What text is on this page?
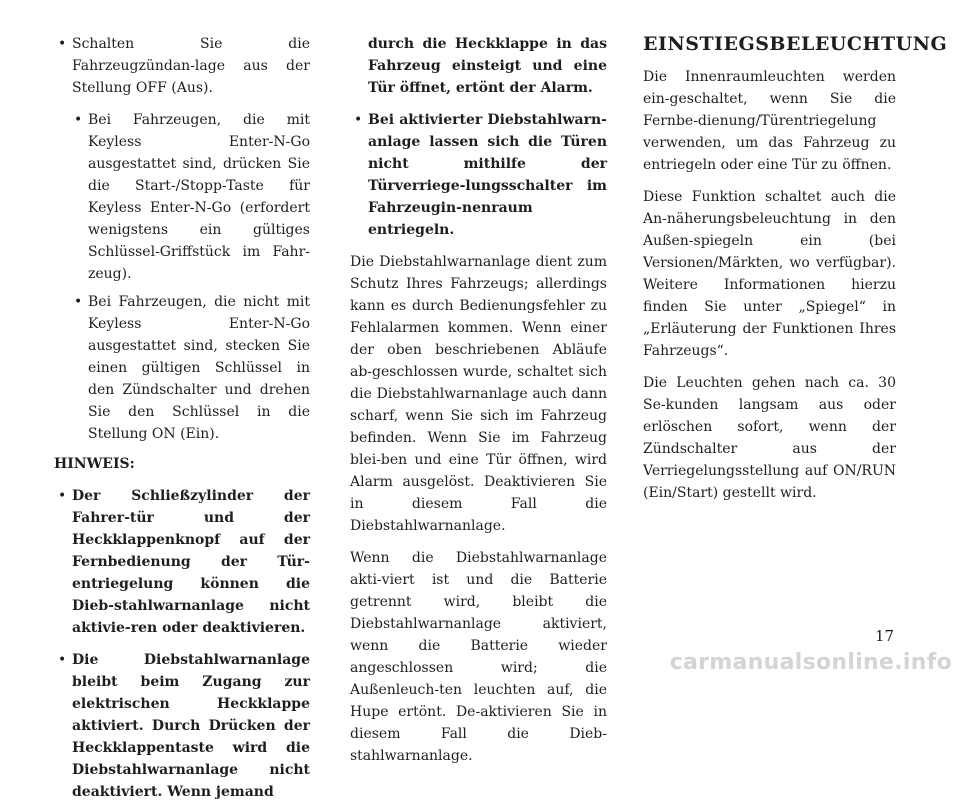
• Schalten Sie die Fahrzeugzündan-lage aus der Stellung OFF (Aus).

• Bei Fahrzeugen, die mit Keyless Enter-N-Go ausgestattet sind, drücken Sie die Start-/Stopp-Taste für Keyless Enter-N-Go (erfordert wenigstens ein gültiges Schlüssel-Griffstück im Fahr-zeug).

• Bei Fahrzeugen, die nicht mit Keyless Enter-N-Go ausgestattet sind, stecken Sie einen gültigen Schlüssel in den Zündschalter und drehen Sie den Schlüssel in die Stellung ON (Ein).

HINWEIS:

• Der Schließzylinder der Fahrer-tür und der Heckklappenknopf auf der Fernbedienung der Tür-entriegelung können die Dieb-stahlwarnanlage nicht aktivie-ren oder deaktivieren.

• Die Diebstahlwarnanlage bleibt beim Zugang zur elektrischen Heckklappe aktiviert. Durch Drücken der Heckklappentaste wird die Diebstahlwarnanlage nicht deaktiviert. Wenn jemand

durch die Heckklappe in das Fahrzeug einsteigt und eine Tür öffnet, ertönt der Alarm.

• Bei aktivierter Diebstahlwarn-anlage lassen sich die Türen nicht mithilfe der Türverriege-lungsschalter im Fahrzeugin-nenraum entriegeln.

Die Diebstahlwarnanlage dient zum Schutz Ihres Fahrzeugs; allerdings kann es durch Bedienungsfehler zu Fehlalarmen kommen. Wenn einer der oben beschriebenen Abläufe ab-geschlossen wurde, schaltet sich die Diebstahlwarnanlage auch dann scharf, wenn Sie sich im Fahrzeug befinden. Wenn Sie im Fahrzeug blei-ben und eine Tür öffnen, wird Alarm ausgelöst. Deaktivieren Sie in diesem Fall die Diebstahlwarnanlage.

Wenn die Diebstahlwarnanlage akti-viert ist und die Batterie getrennt wird, bleibt die Diebstahlwarnanlage aktiviert, wenn die Batterie wieder angeschlossen wird; die Außenleuch-ten leuchten auf, die Hupe ertönt. De-aktivieren Sie in diesem Fall die Dieb-stahlwarnanlage.

EINSTIEGSBELEUCHTUNG

Die Innenraumleuchten werden ein-geschaltet, wenn Sie die Fernbe-dienung/Türentriegelung verwenden, um das Fahrzeug zu entriegeln oder eine Tür zu öffnen.

Diese Funktion schaltet auch die An-näherungsbeleuchtung in den Außen-spiegeln ein (bei Versionen/Märkten, wo verfügbar). Weitere Informationen hierzu finden Sie unter „Spiegel“ in „Erläuterung der Funktionen Ihres Fahrzeugs“.

Die Leuchten gehen nach ca. 30 Se-kunden langsam aus oder erlöschen sofort, wenn der Zündschalter aus der Verriegelungsstellung auf ON/RUN (Ein/Start) gestellt wird.

17
carmanualsonline.info
